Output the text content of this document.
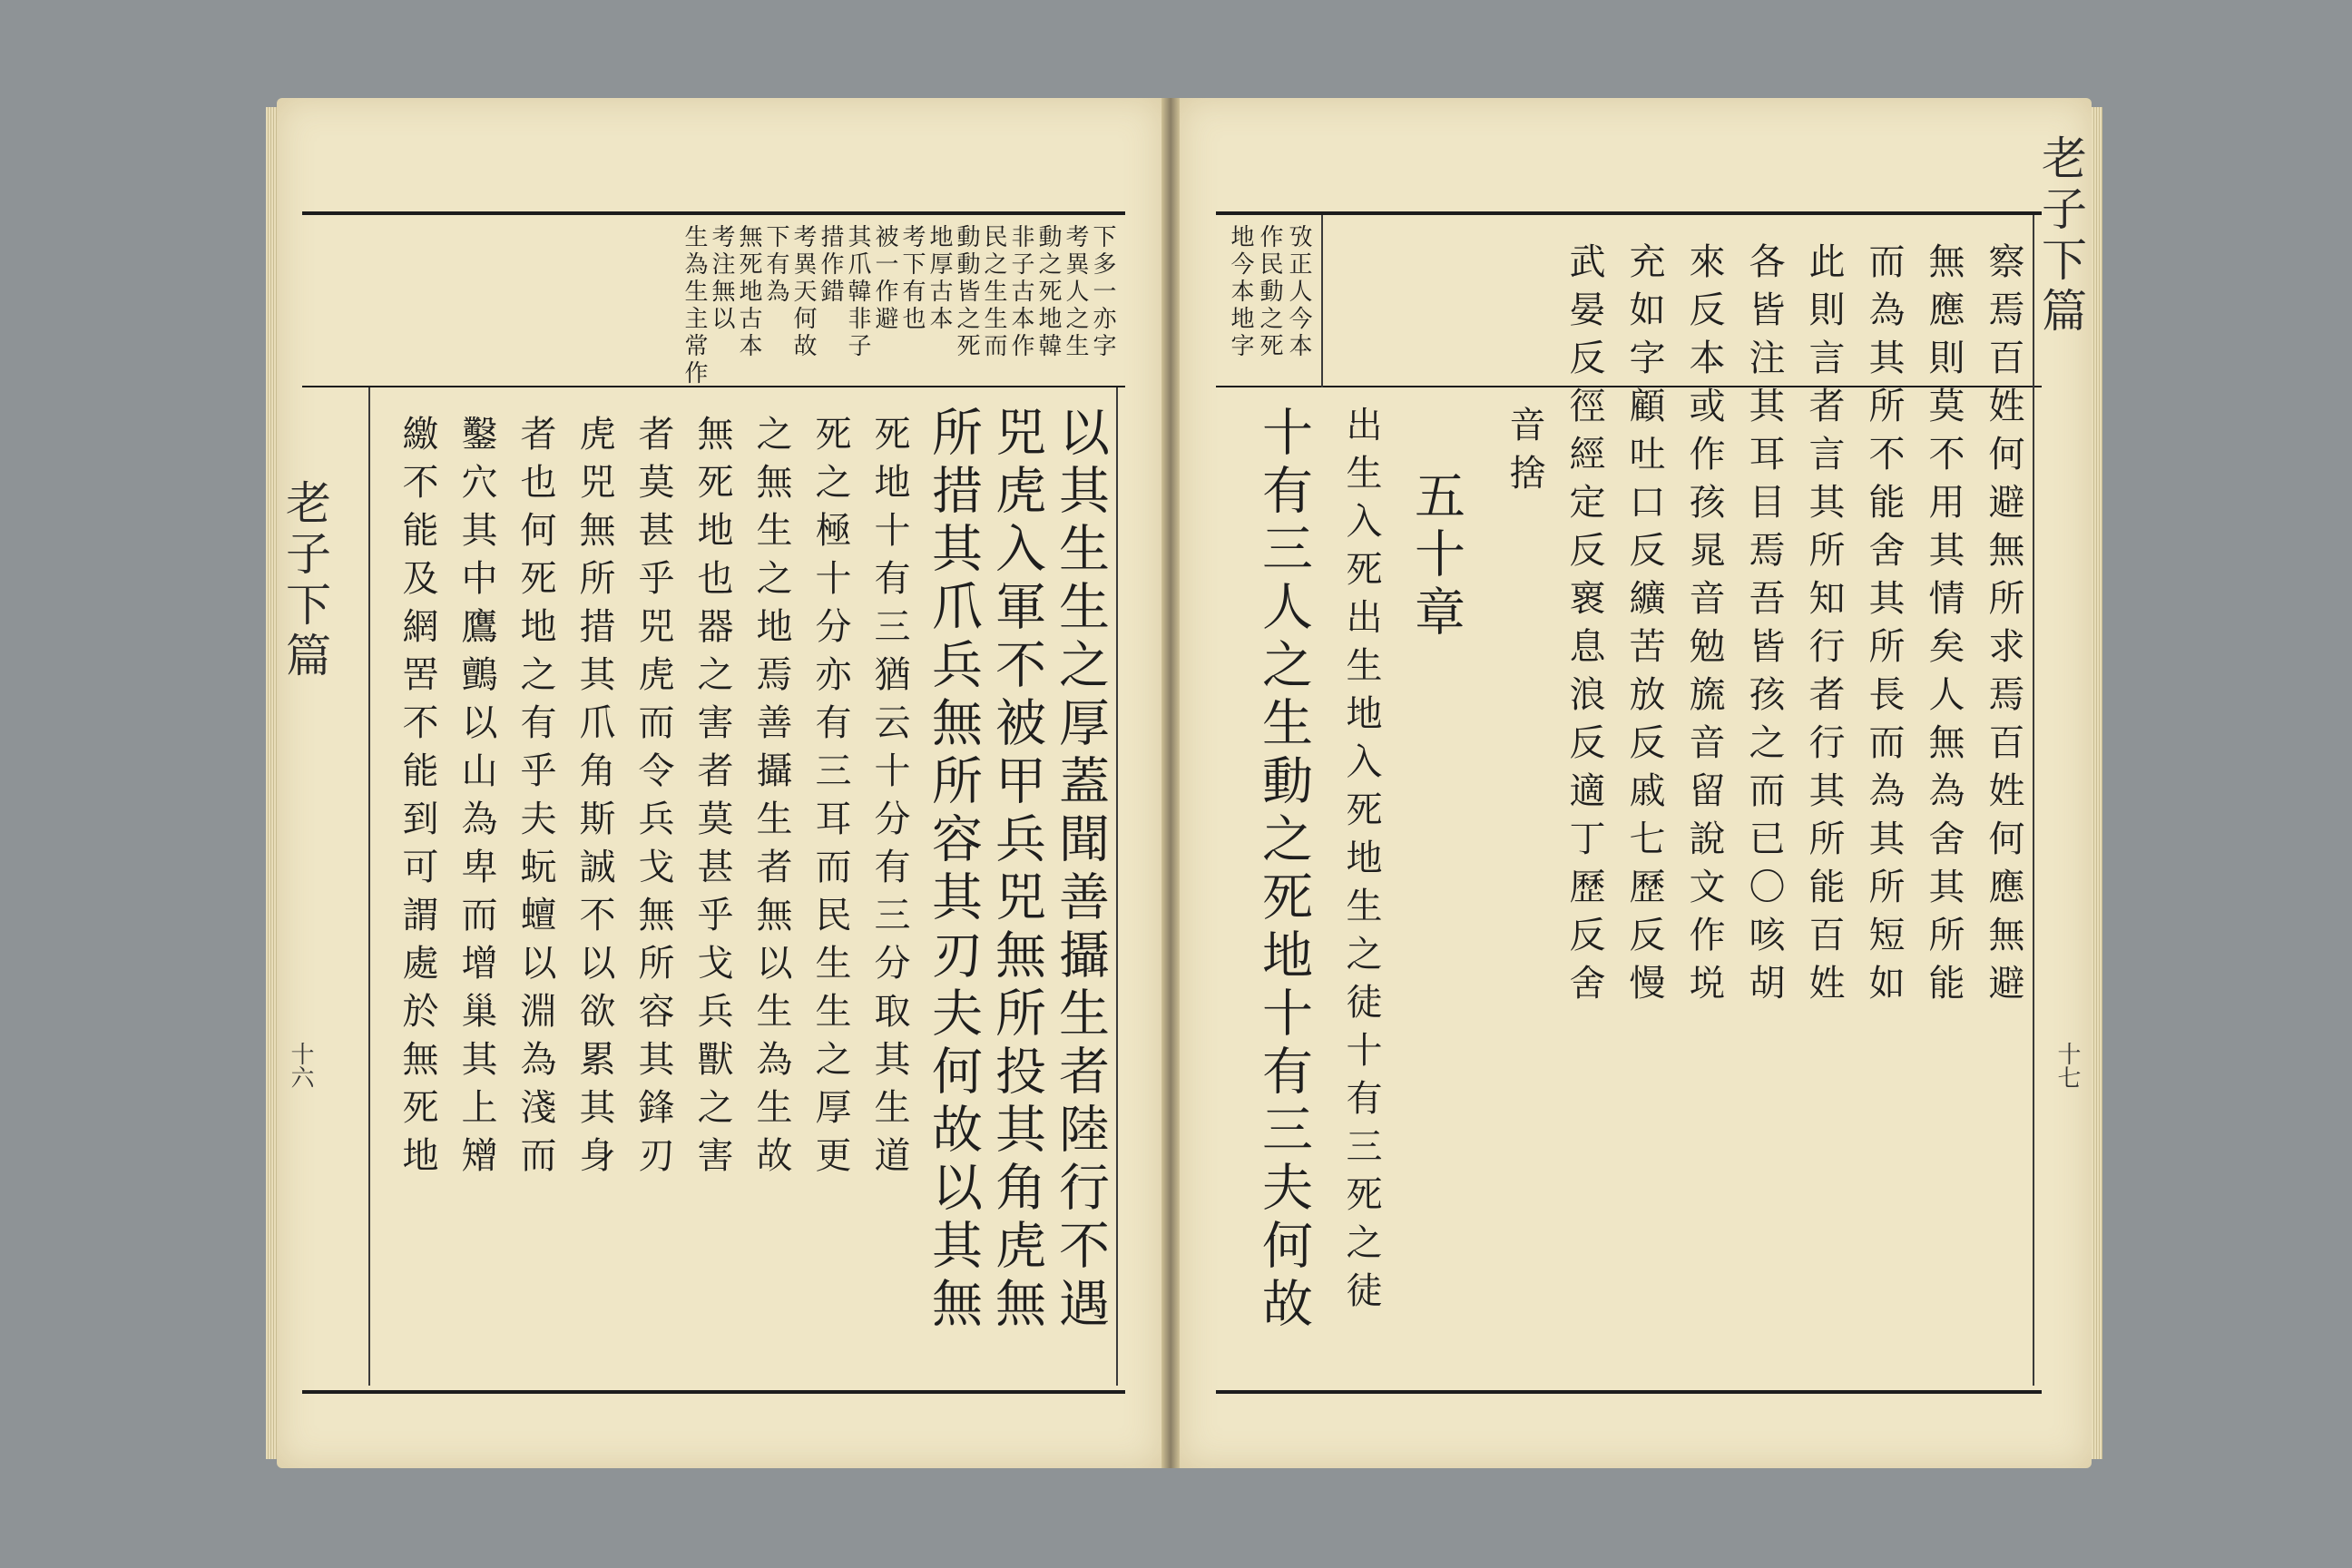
老子下篇
十六
下多一亦字
考異人之生
動之死地韓
非子古本作
民之生生而
動動皆之死
地厚古本
考下有也
被一作避
其爪韓非子
措作錯
考異天何故
下有為
無死地古本
考注無以
生為生主常作
以其生生之厚蓋聞善攝生者陸行不遇
兕虎入軍不被甲兵兕無所投其角虎無
所措其爪兵無所容其刃夫何故以其無
死地十有三猶云十分有三分取其生道
死之極十分亦有三耳而民生生之厚更
之無生之地焉善攝生者無以生為生故
無死地也器之害者莫甚乎戈兵獸之害
者莫甚乎兕虎而令兵戈無所容其鋒刃
虎兕無所措其爪角斯誠不以欲累其身
者也何死地之有乎夫蚖蟺以淵為淺而
鑿穴其中鷹鸇以山為卑而增巢其上矰
繳不能及網罟不能到可謂處於無死地
老子下篇
十七
攷正人今本
作民動之死
地今本地字	察焉百姓何避無所求焉百姓何應無避
無應則莫不用其情矣人無為舍其所能
而為其所不能舍其所長而為其所短如
此則言者言其所知行者行其所能百姓
各皆注其耳目焉吾皆孩之而已〇咳胡
來反本或作孩晁音勉旒音留說文作㙂
充如字顧吐口反纊苦放反戚七歷反慢
武晏反徑經定反褱息浪反適丁歷反舍
音捨
五十章
出生入死出生地入死地生之徒十有三死之徒
十有三人之生動之死地十有三夫何故
